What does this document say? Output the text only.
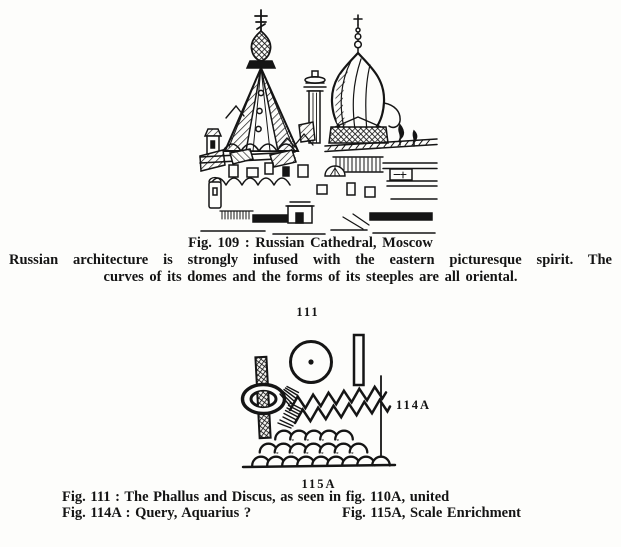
Fig. 109 : Russian Cathedral, Moscow
Russian architecture is strongly infused with the eastern picturesque spirit. The
curves of its domes and the forms of its steeples are all oriental.
111
114A
115A
Fig. 111 : The Phallus and Discus, as seen in fig. 110A, united
Fig. 114A : Query, Aquarius ?	Fig. 115A, Scale Enrichment
